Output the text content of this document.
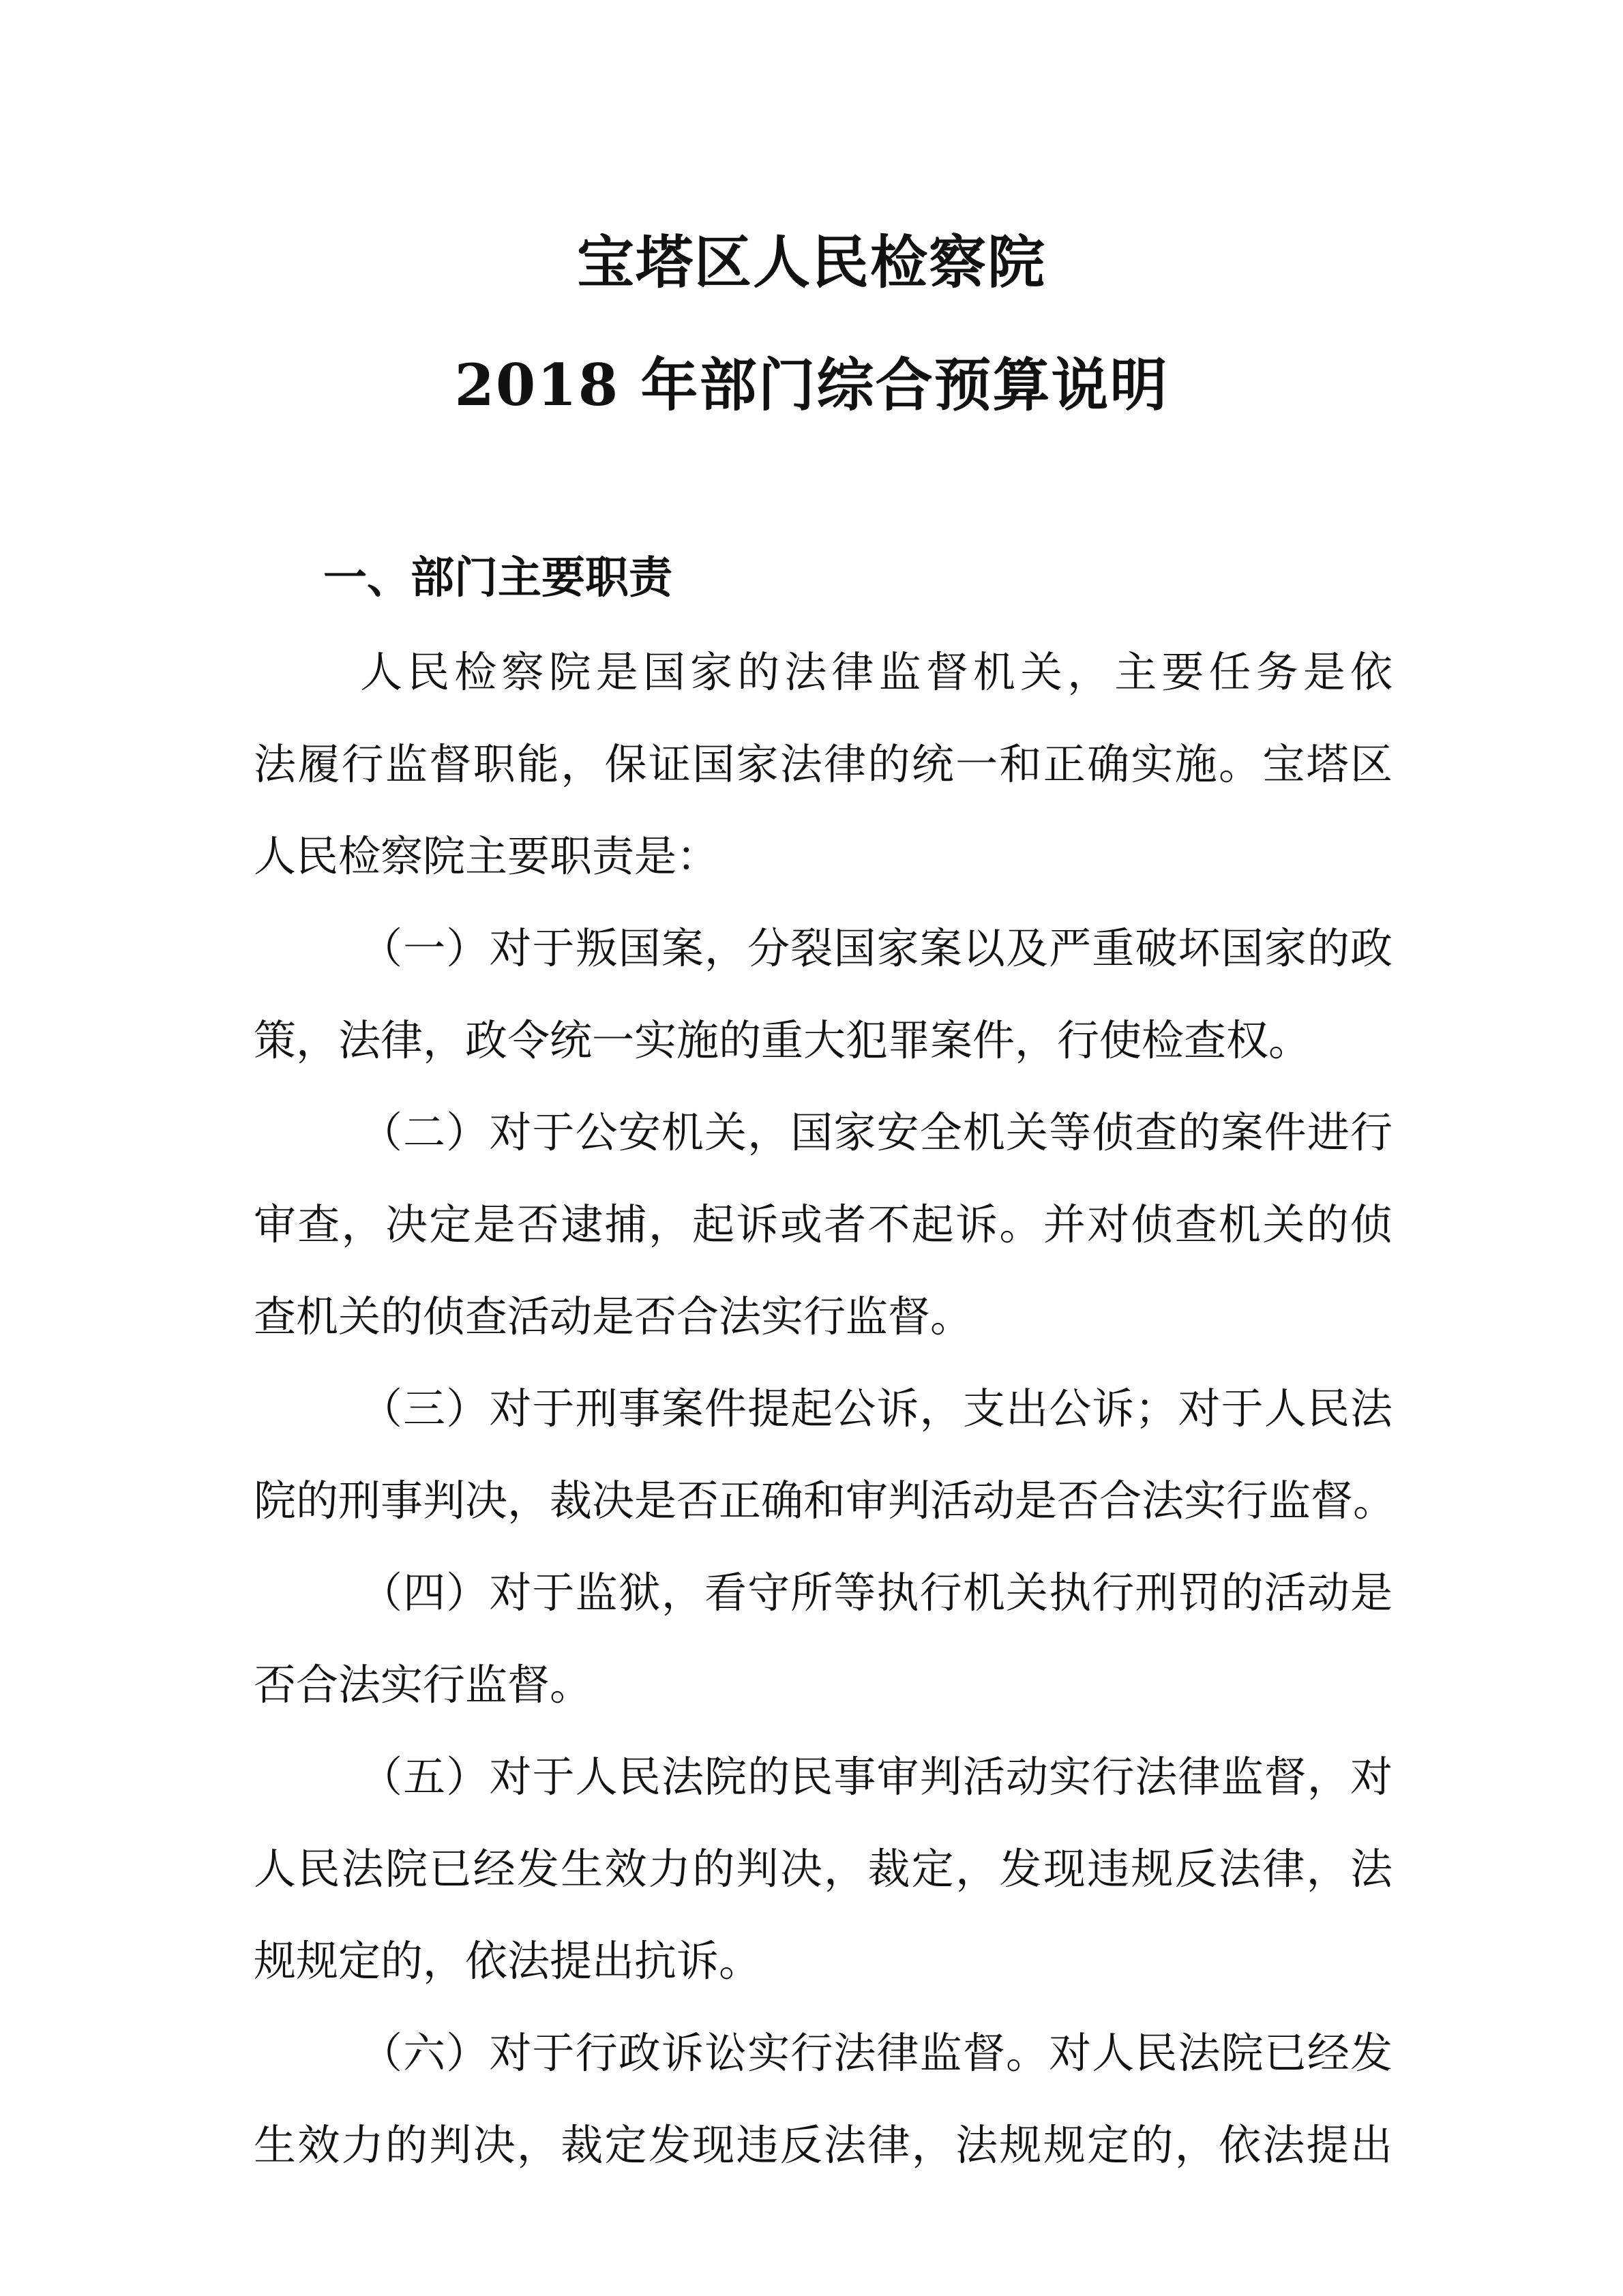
宝塔区人民检察院
2018 年部门综合预算说明
一、部门主要职责
人民检察院是国家的法律监督机关，主要任务是依
法履行监督职能，保证国家法律的统一和正确实施。宝塔区
人民检察院主要职责是：
（一）对于叛国案，分裂国家案以及严重破坏国家的政
策，法律，政令统一实施的重大犯罪案件，行使检查权。
（二）对于公安机关，国家安全机关等侦查的案件进行
审查，决定是否逮捕，起诉或者不起诉。并对侦查机关的侦
查机关的侦查活动是否合法实行监督。
（三）对于刑事案件提起公诉，支出公诉；对于人民法
院的刑事判决，裁决是否正确和审判活动是否合法实行监督。
（四）对于监狱，看守所等执行机关执行刑罚的活动是
否合法实行监督。
（五）对于人民法院的民事审判活动实行法律监督，对
人民法院已经发生效力的判决，裁定，发现违规反法律，法
规规定的，依法提出抗诉。
（六）对于行政诉讼实行法律监督。对人民法院已经发
生效力的判决，裁定发现违反法律，法规规定的，依法提出
